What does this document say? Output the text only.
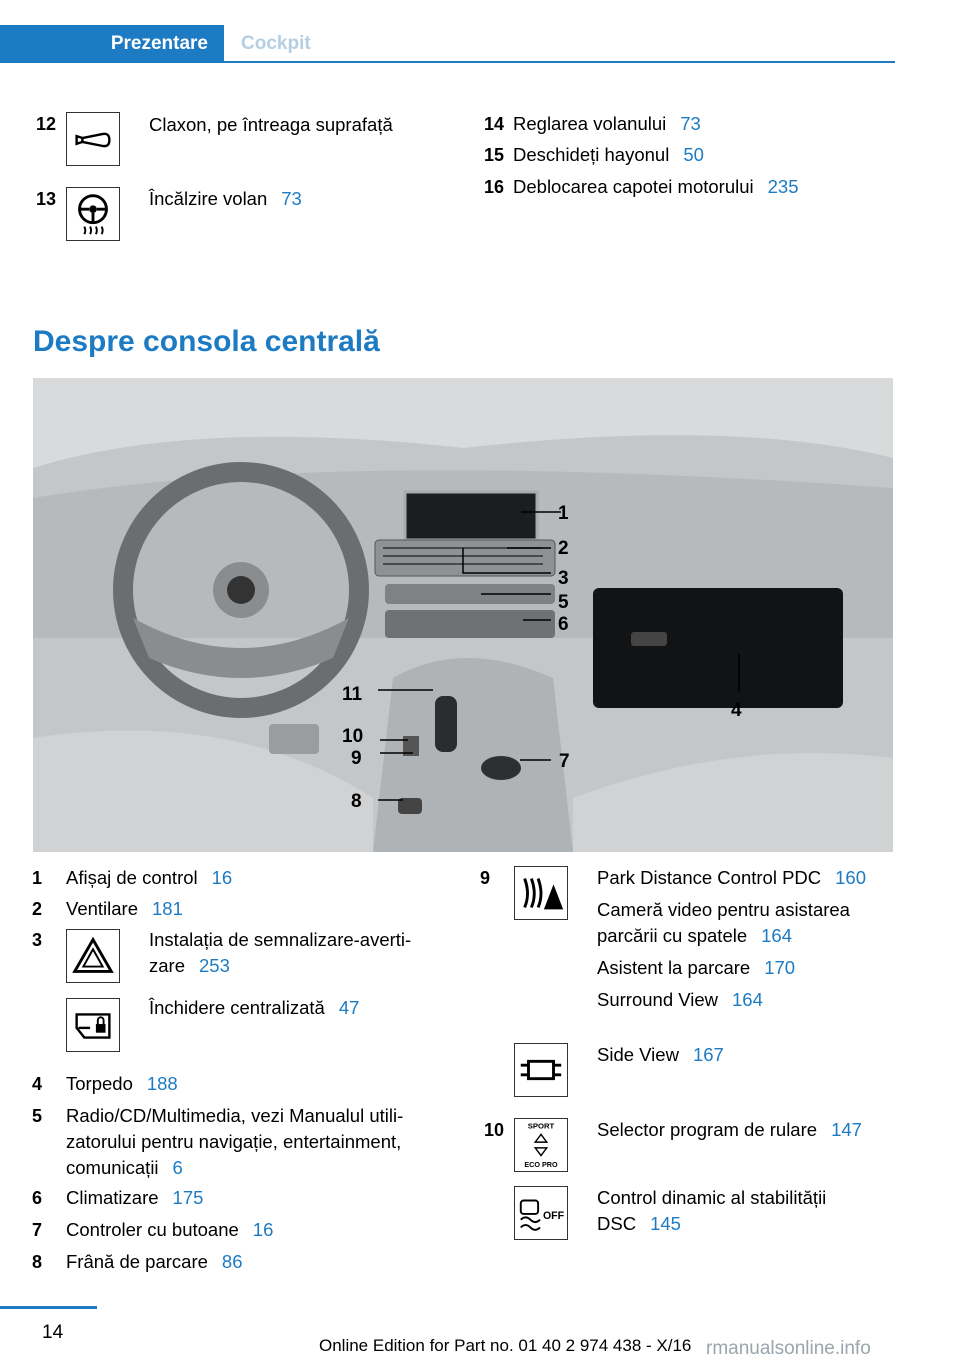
Prezentare Cockpit
12	Claxon, pe întreaga suprafață
13	Încălzire volan 73
14 Reglarea volanului 73
15 Deschideți hayonul 50
16 Deblocarea capotei motorului 235
Despre consola centrală
1
2
3
5
6
4
11
10
9	7
8
1 Afișaj de control 16
2 Ventilare 181
3	Instalația de semnalizare-averti-
zare 253
Închidere centralizată 47
4 Torpedo 188
5 Radio/CD/Multimedia, vezi Manualul utili-
zatorului pentru navigație, entertainment,
comunicații 6
6 Climatizare 175
7 Controler cu butoane 16
8 Frână de parcare 86
9	Park Distance Control PDC 160
Cameră video pentru asistarea
parcării cu spatele 164
Asistent la parcare 170
Surround View 164
Side View 167
10	SPORT
ECO PRO
Selector program de rulare 147
OFF
Control dinamic al stabilității
DSC 145
14
Online Edition for Part no. 01 40 2 974 438 - X/16 rmanualsonline.info
